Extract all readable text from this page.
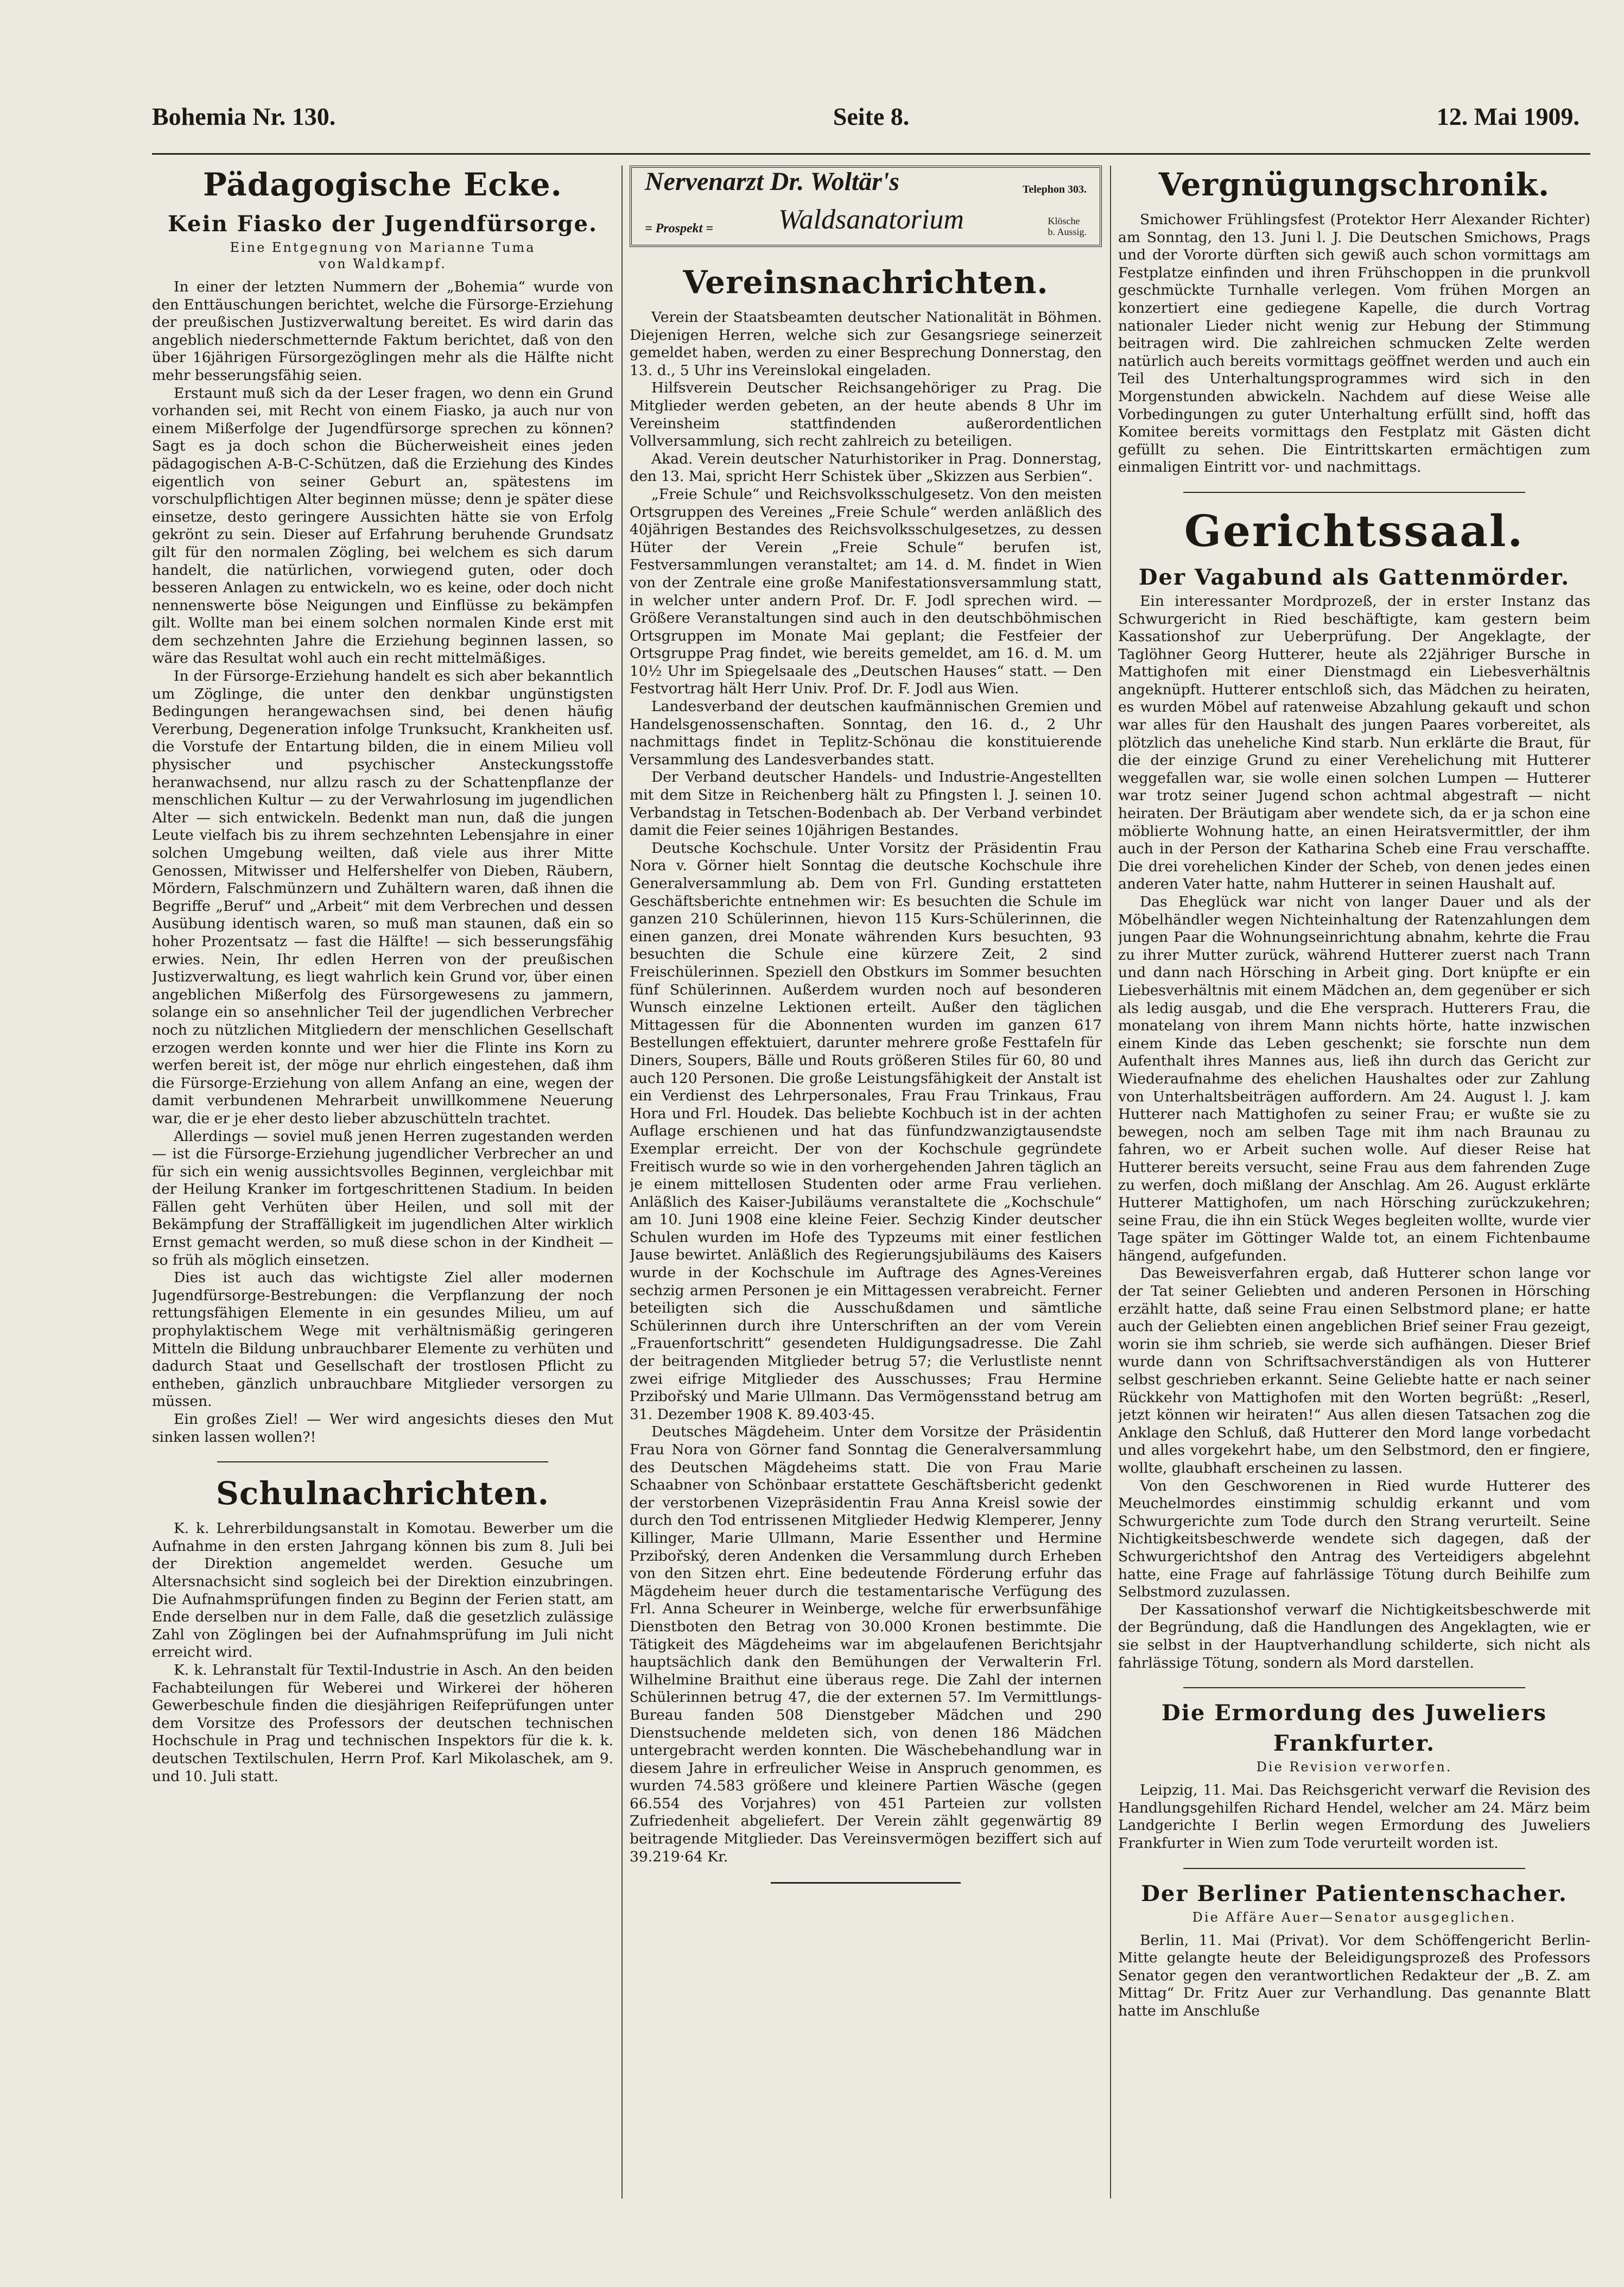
Bohemia Nr. 130.	Seite 8.	12. Mai 1909.
Pädagogische Ecke.
Kein Fiasko der Jugendfürsorge.
Eine Entgegnung von Marianne Tuma
von Waldkampf.

In einer der letzten Nummern der „Bohemia“ wurde von den Enttäuschungen berichtet, welche die Fürsorge-Erziehung der preußischen Justizverwaltung bereitet. Es wird darin das angeblich niederschmetternde Faktum berichtet, daß von den über 16jährigen Fürsorgezöglingen mehr als die Hälfte nicht mehr besserungsfähig seien.

Erstaunt muß sich da der Leser fragen, wo denn ein Grund vorhanden sei, mit Recht von einem Fiasko, ja auch nur von einem Mißerfolge der Jugendfürsorge sprechen zu können? Sagt es ja doch schon die Bücherweisheit eines jeden pädagogischen A-B-C-Schützen, daß die Erziehung des Kindes eigentlich von seiner Geburt an, spätestens im vorschulpflichtigen Alter beginnen müsse; denn je später diese einsetze, desto geringere Aussichten hätte sie von Erfolg gekrönt zu sein. Dieser auf Erfahrung beruhende Grundsatz gilt für den normalen Zögling, bei welchem es sich darum handelt, die natürlichen, vorwiegend guten, oder doch besseren Anlagen zu entwickeln, wo es keine, oder doch nicht nennenswerte böse Neigungen und Einflüsse zu bekämpfen gilt. Wollte man bei einem solchen normalen Kinde erst mit dem sechzehnten Jahre die Erziehung beginnen lassen, so wäre das Resultat wohl auch ein recht mittelmäßiges.

In der Fürsorge-Erziehung handelt es sich aber bekanntlich um Zöglinge, die unter den denkbar ungünstigsten Bedingungen herangewachsen sind, bei denen häufig Vererbung, Degeneration infolge Trunksucht, Krankheiten usf. die Vorstufe der Entartung bilden, die in einem Milieu voll physischer und psychischer Ansteckungsstoffe heranwachsend, nur allzu rasch zu der Schattenpflanze der menschlichen Kultur — zu der Verwahrlosung im jugendlichen Alter — sich entwickeln. Bedenkt man nun, daß die jungen Leute vielfach bis zu ihrem sechzehnten Lebensjahre in einer solchen Umgebung weilten, daß viele aus ihrer Mitte Genossen, Mitwisser und Helfershelfer von Dieben, Räubern, Mördern, Falschmünzern und Zuhältern waren, daß ihnen die Begriffe „Beruf“ und „Arbeit“ mit dem Verbrechen und dessen Ausübung identisch waren, so muß man staunen, daß ein so hoher Prozentsatz — fast die Hälfte! — sich besserungsfähig erwies. Nein, Ihr edlen Herren von der preußischen Justizverwaltung, es liegt wahrlich kein Grund vor, über einen angeblichen Mißerfolg des Fürsorgewesens zu jammern, solange ein so ansehnlicher Teil der jugendlichen Verbrecher noch zu nützlichen Mitgliedern der menschlichen Gesellschaft erzogen werden konnte und wer hier die Flinte ins Korn zu werfen bereit ist, der möge nur ehrlich eingestehen, daß ihm die Fürsorge-Erziehung von allem Anfang an eine, wegen der damit verbundenen Mehrarbeit unwillkommene Neuerung war, die er je eher desto lieber abzuschütteln trachtet.

Allerdings — soviel muß jenen Herren zugestanden werden — ist die Fürsorge-Erziehung jugendlicher Verbrecher an und für sich ein wenig aussichtsvolles Beginnen, vergleichbar mit der Heilung Kranker im fortgeschrittenen Stadium. In beiden Fällen geht Verhüten über Heilen, und soll mit der Bekämpfung der Straffälligkeit im jugendlichen Alter wirklich Ernst gemacht werden, so muß diese schon in der Kindheit — so früh als möglich einsetzen.

Dies ist auch das wichtigste Ziel aller modernen Jugendfürsorge-Bestrebungen: die Verpflanzung der noch rettungsfähigen Elemente in ein gesundes Milieu, um auf prophylaktischem Wege mit verhältnismäßig geringeren Mitteln die Bildung unbrauchbarer Elemente zu verhüten und dadurch Staat und Gesellschaft der trostlosen Pflicht zu entheben, gänzlich unbrauchbare Mitglieder versorgen zu müssen.

Ein großes Ziel! — Wer wird angesichts dieses den Mut sinken lassen wollen?!

Schulnachrichten.

K. k. Lehrerbildungsanstalt in Komotau. Bewerber um die Aufnahme in den ersten Jahrgang können bis zum 8. Juli bei der Direktion angemeldet werden. Gesuche um Altersnachsicht sind sogleich bei der Direktion einzubringen. Die Aufnahmsprüfungen finden zu Beginn der Ferien statt, am Ende derselben nur in dem Falle, daß die gesetzlich zulässige Zahl von Zöglingen bei der Aufnahmsprüfung im Juli nicht erreicht wird.

K. k. Lehranstalt für Textil-Industrie in Asch. An den beiden Fachabteilungen für Weberei und Wirkerei der höheren Gewerbeschule finden die diesjährigen Reifeprüfungen unter dem Vorsitze des Professors der deutschen technischen Hochschule in Prag und technischen Inspektors für die k. k. deutschen Textilschulen, Herrn Prof. Karl Mikolaschek, am 9. und 10. Juli statt.

Nervenarzt Dr. Woltär's	Telephon 303.
= Prospekt = Waldsanatorium	Klösche
b. Aussig.
Vereinsnachrichten.

Verein der Staatsbeamten deutscher Nationalität in Böhmen. Diejenigen Herren, welche sich zur Gesangsriege seinerzeit gemeldet haben, werden zu einer Besprechung Donnerstag, den 13. d., 5 Uhr ins Vereinslokal eingeladen.

Hilfsverein Deutscher Reichsangehöriger zu Prag. Die Mitglieder werden gebeten, an der heute abends 8 Uhr im Vereinsheim stattfindenden außerordentlichen Vollversammlung, sich recht zahlreich zu beteiligen.

Akad. Verein deutscher Naturhistoriker in Prag. Donnerstag, den 13. Mai, spricht Herr Schistek über „Skizzen aus Serbien“.

„Freie Schule“ und Reichsvolksschulgesetz. Von den meisten Ortsgruppen des Vereines „Freie Schule“ werden anläßlich des 40jährigen Bestandes des Reichsvolksschulgesetzes, zu dessen Hüter der Verein „Freie Schule“ berufen ist, Festversammlungen veranstaltet; am 14. d. M. findet in Wien von der Zentrale eine große Manifestationsversammlung statt, in welcher unter andern Prof. Dr. F. Jodl sprechen wird. — Größere Veranstaltungen sind auch in den deutschböhmischen Ortsgruppen im Monate Mai geplant; die Festfeier der Ortsgruppe Prag findet, wie bereits gemeldet, am 16. d. M. um 10½ Uhr im Spiegelsaale des „Deutschen Hauses“ statt. — Den Festvortrag hält Herr Univ. Prof. Dr. F. Jodl aus Wien.

Landesverband der deutschen kaufmännischen Gremien und Handelsgenossenschaften. Sonntag, den 16. d., 2 Uhr nachmittags findet in Teplitz-Schönau die konstituierende Versammlung des Landesverbandes statt.

Der Verband deutscher Handels- und Industrie-Angestellten mit dem Sitze in Reichenberg hält zu Pfingsten l. J. seinen 10. Verbandstag in Tetschen-Bodenbach ab. Der Verband verbindet damit die Feier seines 10jährigen Bestandes.

Deutsche Kochschule. Unter Vorsitz der Präsidentin Frau Nora v. Görner hielt Sonntag die deutsche Kochschule ihre Generalversammlung ab. Dem von Frl. Gunding erstatteten Geschäftsberichte entnehmen wir: Es besuchten die Schule im ganzen 210 Schülerinnen, hievon 115 Kurs-Schülerinnen, die einen ganzen, drei Monate währenden Kurs besuchten, 93 besuchten die Schule eine kürzere Zeit, 2 sind Freischülerinnen. Speziell den Obstkurs im Sommer besuchten fünf Schülerinnen. Außerdem wurden noch auf besonderen Wunsch einzelne Lektionen erteilt. Außer den täglichen Mittagessen für die Abonnenten wurden im ganzen 617 Bestellungen effektuiert, darunter mehrere große Festtafeln für Diners, Soupers, Bälle und Routs größeren Stiles für 60, 80 und auch 120 Personen. Die große Leistungsfähigkeit der Anstalt ist ein Verdienst des Lehrpersonales, Frau Frau Trinkaus, Frau Hora und Frl. Houdek. Das beliebte Kochbuch ist in der achten Auflage erschienen und hat das fünfundzwanzigtausendste Exemplar erreicht. Der von der Kochschule gegründete Freitisch wurde so wie in den vorhergehenden Jahren täglich an je einem mittellosen Studenten oder arme Frau verliehen. Anläßlich des Kaiser-Jubiläums veranstaltete die „Kochschule“ am 10. Juni 1908 eine kleine Feier. Sechzig Kinder deutscher Schulen wurden im Hofe des Typzeums mit einer festlichen Jause bewirtet. Anläßlich des Regierungsjubiläums des Kaisers wurde in der Kochschule im Auftrage des Agnes-Vereines sechzig armen Personen je ein Mittagessen verabreicht. Ferner beteiligten sich die Ausschußdamen und sämtliche Schülerinnen durch ihre Unterschriften an der vom Verein „Frauenfortschritt“ gesendeten Huldigungsadresse. Die Zahl der beitragenden Mitglieder betrug 57; die Verlustliste nennt zwei eifrige Mitglieder des Ausschusses; Frau Hermine Przibořský und Marie Ullmann. Das Vermögensstand betrug am 31. Dezember 1908 K. 89.403·45.

Deutsches Mägdeheim. Unter dem Vorsitze der Präsidentin Frau Nora von Görner fand Sonntag die Generalversammlung des Deutschen Mägdeheims statt. Die von Frau Marie Schaabner von Schönbaar erstattete Geschäftsbericht gedenkt der verstorbenen Vizepräsidentin Frau Anna Kreisl sowie der durch den Tod entrissenen Mitglieder Hedwig Klemperer, Jenny Killinger, Marie Ullmann, Marie Essenther und Hermine Przibořský, deren Andenken die Versammlung durch Erheben von den Sitzen ehrt. Eine bedeutende Förderung erfuhr das Mägdeheim heuer durch die testamentarische Verfügung des Frl. Anna Scheurer in Weinberge, welche für erwerbsunfähige Dienstboten den Betrag von 30.000 Kronen bestimmte. Die Tätigkeit des Mägdeheims war im abgelaufenen Berichtsjahr hauptsächlich dank den Bemühungen der Verwalterin Frl. Wilhelmine Braithut eine überaus rege. Die Zahl der internen Schülerinnen betrug 47, die der externen 57. Im Vermittlungs-Bureau fanden 508 Dienstgeber Mädchen und 290 Dienstsuchende meldeten sich, von denen 186 Mädchen untergebracht werden konnten. Die Wäschebehandlung war in diesem Jahre in erfreulicher Weise in Anspruch genommen, es wurden 74.583 größere und kleinere Partien Wäsche (gegen 66.554 des Vorjahres) von 451 Parteien zur vollsten Zufriedenheit abgeliefert. Der Verein zählt gegenwärtig 89 beitragende Mitglieder. Das Vereinsvermögen beziffert sich auf 39.219·64 Kr.

Vergnügungschronik.

Smichower Frühlingsfest (Protektor Herr Alexander Richter) am Sonntag, den 13. Juni l. J. Die Deutschen Smichows, Prags und der Vororte dürften sich gewiß auch schon vormittags am Festplatze einfinden und ihren Frühschoppen in die prunkvoll geschmückte Turnhalle verlegen. Vom frühen Morgen an konzertiert eine gediegene Kapelle, die durch Vortrag nationaler Lieder nicht wenig zur Hebung der Stimmung beitragen wird. Die zahlreichen schmucken Zelte werden natürlich auch bereits vormittags geöffnet werden und auch ein Teil des Unterhaltungsprogrammes wird sich in den Morgenstunden abwickeln. Nachdem auf diese Weise alle Vorbedingungen zu guter Unterhaltung erfüllt sind, hofft das Komitee bereits vormittags den Festplatz mit Gästen dicht gefüllt zu sehen. Die Eintrittskarten ermächtigen zum einmaligen Eintritt vor- und nachmittags.

Gerichtssaal.
Der Vagabund als Gattenmörder.

Ein interessanter Mordprozeß, der in erster Instanz das Schwurgericht in Ried beschäftigte, kam gestern beim Kassationshof zur Ueberprüfung. Der Angeklagte, der Taglöhner Georg Hutterer, heute als 22jähriger Bursche in Mattighofen mit einer Dienstmagd ein Liebesverhältnis angeknüpft. Hutterer entschloß sich, das Mädchen zu heiraten, es wurden Möbel auf ratenweise Abzahlung gekauft und schon war alles für den Haushalt des jungen Paares vorbereitet, als plötzlich das uneheliche Kind starb. Nun erklärte die Braut, für die der einzige Grund zu einer Verehelichung mit Hutterer weggefallen war, sie wolle einen solchen Lumpen — Hutterer war trotz seiner Jugend schon achtmal abgestraft — nicht heiraten. Der Bräutigam aber wendete sich, da er ja schon eine möblierte Wohnung hatte, an einen Heiratsvermittler, der ihm auch in der Person der Katharina Scheb eine Frau verschaffte. Die drei vorehelichen Kinder der Scheb, von denen jedes einen anderen Vater hatte, nahm Hutterer in seinen Haushalt auf.

Das Eheglück war nicht von langer Dauer und als der Möbelhändler wegen Nichteinhaltung der Ratenzahlungen dem jungen Paar die Wohnungseinrichtung abnahm, kehrte die Frau zu ihrer Mutter zurück, während Hutterer zuerst nach Trann und dann nach Hörsching in Arbeit ging. Dort knüpfte er ein Liebesverhältnis mit einem Mädchen an, dem gegenüber er sich als ledig ausgab, und die Ehe versprach. Hutterers Frau, die monatelang von ihrem Mann nichts hörte, hatte inzwischen einem Kinde das Leben geschenkt; sie forschte nun dem Aufenthalt ihres Mannes aus, ließ ihn durch das Gericht zur Wiederaufnahme des ehelichen Haushaltes oder zur Zahlung von Unterhaltsbeiträgen auffordern. Am 24. August l. J. kam Hutterer nach Mattighofen zu seiner Frau; er wußte sie zu bewegen, noch am selben Tage mit ihm nach Braunau zu fahren, wo er Arbeit suchen wolle. Auf dieser Reise hat Hutterer bereits versucht, seine Frau aus dem fahrenden Zuge zu werfen, doch mißlang der Anschlag. Am 26. August erklärte Hutterer Mattighofen, um nach Hörsching zurückzukehren; seine Frau, die ihn ein Stück Weges begleiten wollte, wurde vier Tage später im Göttinger Walde tot, an einem Fichtenbaume hängend, aufgefunden.

Das Beweisverfahren ergab, daß Hutterer schon lange vor der Tat seiner Geliebten und anderen Personen in Hörsching erzählt hatte, daß seine Frau einen Selbstmord plane; er hatte auch der Geliebten einen angeblichen Brief seiner Frau gezeigt, worin sie ihm schrieb, sie werde sich aufhängen. Dieser Brief wurde dann von Schriftsachverständigen als von Hutterer selbst geschrieben erkannt. Seine Geliebte hatte er nach seiner Rückkehr von Mattighofen mit den Worten begrüßt: „Reserl, jetzt können wir heiraten!“ Aus allen diesen Tatsachen zog die Anklage den Schluß, daß Hutterer den Mord lange vorbedacht und alles vorgekehrt habe, um den Selbstmord, den er fingiere, wollte, glaubhaft erscheinen zu lassen.

Von den Geschworenen in Ried wurde Hutterer des Meuchelmordes einstimmig schuldig erkannt und vom Schwurgerichte zum Tode durch den Strang verurteilt. Seine Nichtigkeitsbeschwerde wendete sich dagegen, daß der Schwurgerichtshof den Antrag des Verteidigers abgelehnt hatte, eine Frage auf fahrlässige Tötung durch Beihilfe zum Selbstmord zuzulassen.

Der Kassationshof verwarf die Nichtigkeitsbeschwerde mit der Begründung, daß die Handlungen des Angeklagten, wie er sie selbst in der Hauptverhandlung schilderte, sich nicht als fahrlässige Tötung, sondern als Mord darstellen.

Die Ermordung des Juweliers
Frankfurter.
Die Revision verworfen.

Leipzig, 11. Mai. Das Reichsgericht verwarf die Revision des Handlungsgehilfen Richard Hendel, welcher am 24. März beim Landgerichte I Berlin wegen Ermordung des Juweliers Frankfurter in Wien zum Tode verurteilt worden ist.

Der Berliner Patientenschacher.
Die Affäre Auer—Senator ausgeglichen.

Berlin, 11. Mai (Privat). Vor dem Schöffengericht Berlin-Mitte gelangte heute der Beleidigungsprozeß des Professors Senator gegen den verantwortlichen Redakteur der „B. Z. am Mittag“ Dr. Fritz Auer zur Verhandlung. Das genannte Blatt hatte im Anschluße
